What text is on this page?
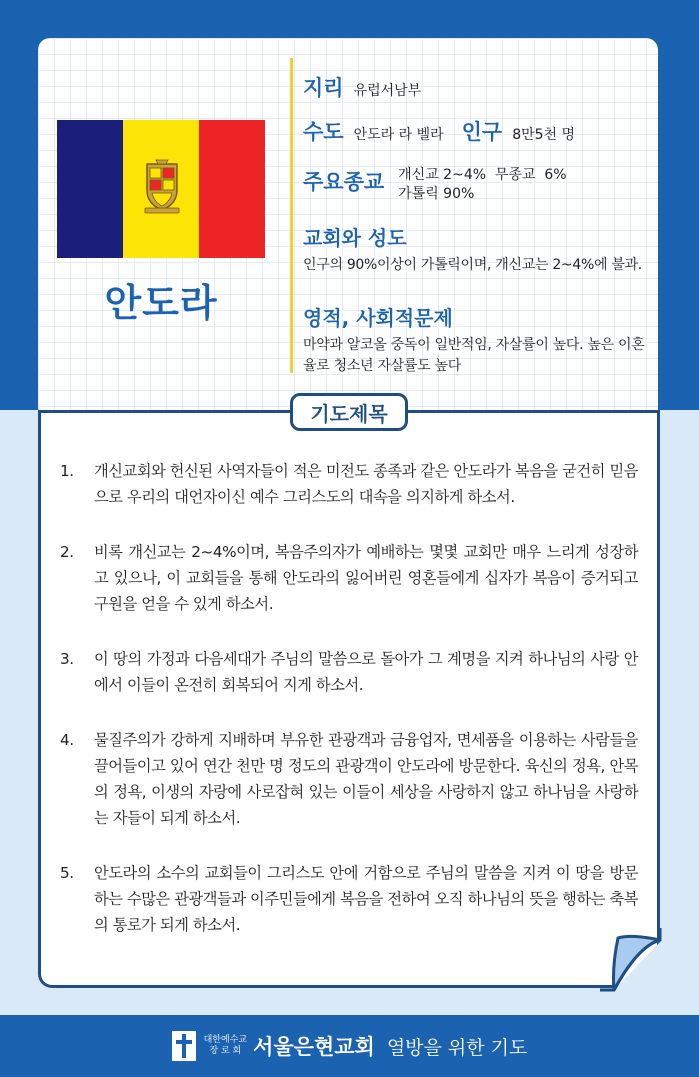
안도라
지리 유럽서남부
수도 안도라 라 벨라 인구 8만5천 명
주요종교 개신교 2~4%  무종교  6%
가톨릭 90%
교회와 성도
인구의 90%이상이 가톨릭이며, 개신교는 2~4%에 불과.
영적, 사회적문제
마약과 알코올 중독이 일반적임, 자살률이 높다. 높은 이혼율로 청소년 자살률도 높다
기도제목
1.	개신교회와 헌신된 사역자들이 적은 미전도 종족과 같은 안도라가 복음을 굳건히 믿음으로 우리의 대언자이신 예수 그리스도의 대속을 의지하게 하소서.
2.	비록 개신교는 2~4%이며, 복음주의자가 예배하는 몇몇 교회만 매우 느리게 성장하고 있으나, 이 교회들을 통해 안도라의 잃어버린 영혼들에게 십자가 복음이 증거되고 구원을 얻을 수 있게 하소서.
3.	이 땅의 가정과 다음세대가 주님의 말씀으로 돌아가 그 계명을 지켜 하나님의 사랑 안에서 이들이 온전히 회복되어 지게 하소서.
4.	물질주의가 강하게 지배하며 부유한 관광객과 금융업자, 면세품을 이용하는 사람들을 끌어들이고 있어 연간 천만 명 정도의 관광객이 안도라에 방문한다. 육신의 정욕, 안목의 정욕, 이생의 자랑에 사로잡혀 있는 이들이 세상을 사랑하지 않고 하나님을 사랑하는 자들이 되게 하소서.
5.	안도라의 소수의 교회들이 그리스도 안에 거함으로 주님의 말씀을 지켜 이 땅을 방문하는 수많은 관광객들과 이주민들에게 복음을 전하여 오직 하나님의 뜻을 행하는 축복의 통로가 되게 하소서.
대한예수교
장 로 회 서울은현교회 열방을 위한 기도
